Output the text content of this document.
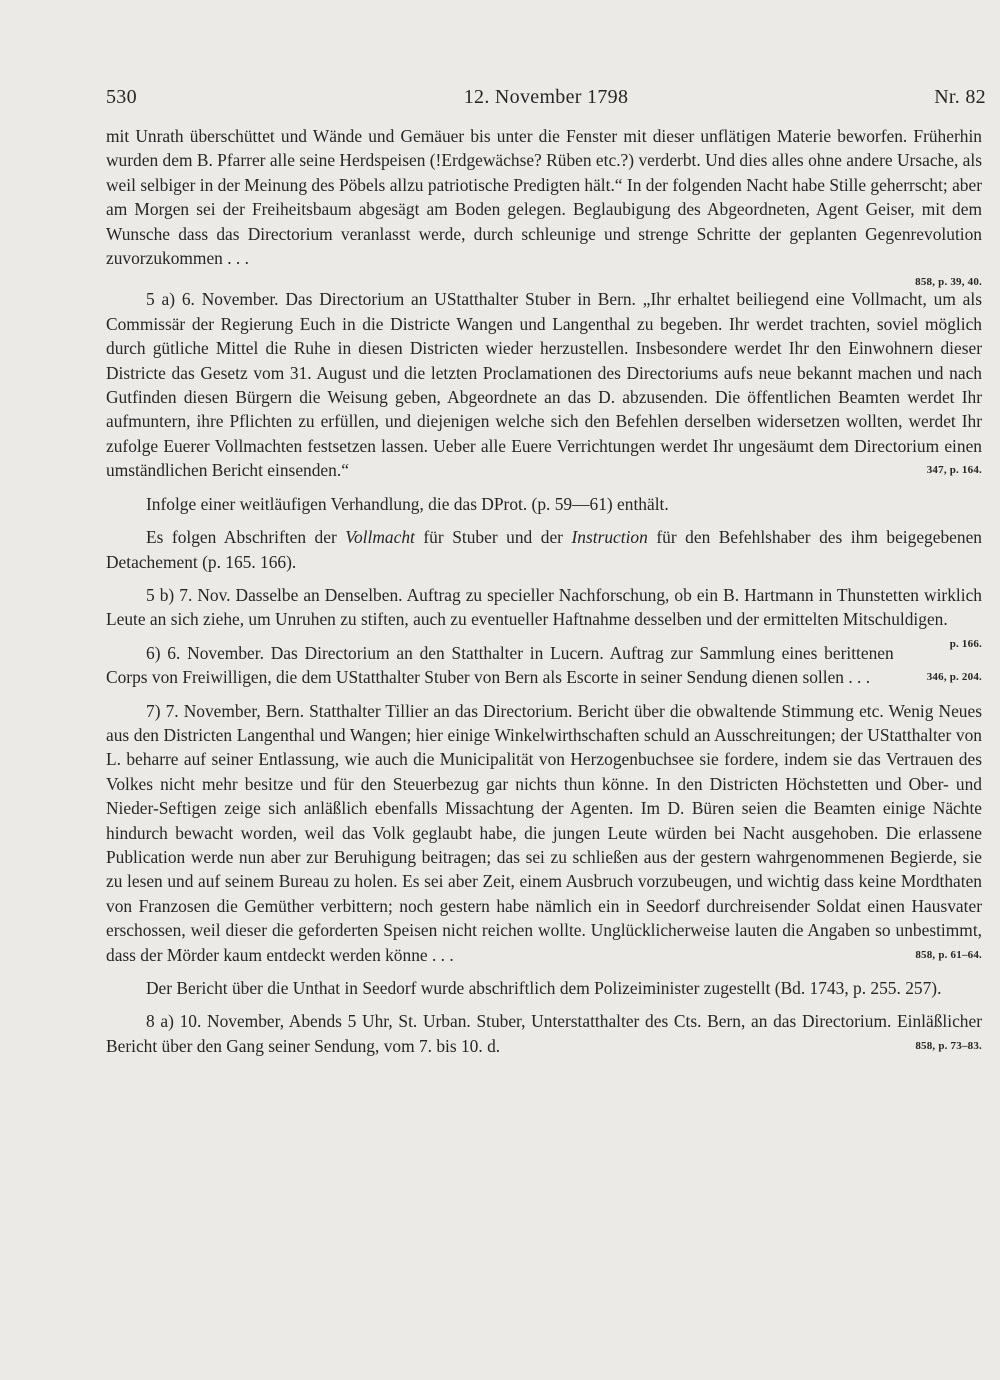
530	12. November 1798	Nr. 82

mit Unrath überschüttet und Wände und Gemäuer bis unter die Fenster mit dieser unflätigen Materie beworfen. Früherhin wurden dem B. Pfarrer alle seine Herdspeisen (!Erdgewächse? Rüben etc.?) verderbt. Und dies alles ohne andere Ursache, als weil selbiger in der Meinung des Pöbels allzu patriotische Predigten hält.“ In der folgenden Nacht habe Stille geherrscht; aber am Morgen sei der Freiheitsbaum abgesägt am Boden gelegen. Beglaubigung des Abgeordneten, Agent Geiser, mit dem Wunsche dass das Directorium veranlasst werde, durch schleunige und strenge Schritte der geplanten Gegenrevolution zuvorzukommen . . .

858, p. 39, 40.

5 a) 6. November. Das Directorium an UStatthalter Stuber in Bern. „Ihr erhaltet beiliegend eine Vollmacht, um als Commissär der Regierung Euch in die Districte Wangen und Langenthal zu begeben. Ihr werdet trachten, soviel möglich durch gütliche Mittel die Ruhe in diesen Districten wieder herzustellen. Insbesondere werdet Ihr den Einwohnern dieser Districte das Gesetz vom 31. August und die letzten Proclamationen des Directoriums aufs neue bekannt machen und nach Gutfinden diesen Bürgern die Weisung geben, Abgeordnete an das D. abzusenden. Die öffentlichen Beamten werdet Ihr aufmuntern, ihre Pflichten zu erfüllen, und diejenigen welche sich den Befehlen derselben widersetzen wollten, werdet Ihr zufolge Euerer Vollmachten festsetzen lassen. Ueber alle Euere Verrichtungen werdet Ihr ungesäumt dem Directorium einen umständlichen Bericht einsenden.“	347, p. 164.

Infolge einer weitläufigen Verhandlung, die das DProt. (p. 59—61) enthält.

Es folgen Abschriften der Vollmacht für Stuber und der Instruction für den Befehlshaber des ihm beigegebenen Detachement (p. 165. 166).

5 b) 7. Nov. Dasselbe an Denselben. Auftrag zu specieller Nachforschung, ob ein B. Hartmann in Thunstetten wirklich Leute an sich ziehe, um Unruhen zu stiften, auch zu eventueller Haftnahme desselben und der ermittelten Mitschuldigen.
p. 166.

6) 6. November. Das Directorium an den Statthalter in Lucern. Auftrag zur Sammlung eines berittenen Corps von Freiwilligen, die dem UStatthalter Stuber von Bern als Escorte in seiner Sendung dienen sollen . . .	346, p. 204.

7) 7. November, Bern. Statthalter Tillier an das Directorium. Bericht über die obwaltende Stimmung etc. Wenig Neues aus den Districten Langenthal und Wangen; hier einige Winkelwirthschaften schuld an Ausschreitungen; der UStatthalter von L. beharre auf seiner Entlassung, wie auch die Municipalität von Herzogenbuchsee sie fordere, indem sie das Vertrauen des Volkes nicht mehr besitze und für den Steuerbezug gar nichts thun könne. In den Districten Höchstetten und Ober- und Nieder-Seftigen zeige sich anläßlich ebenfalls Missachtung der Agenten. Im D. Büren seien die Beamten einige Nächte hindurch bewacht worden, weil das Volk geglaubt habe, die jungen Leute würden bei Nacht ausgehoben. Die erlassene Publication werde nun aber zur Beruhigung beitragen; das sei zu schließen aus der gestern wahrgenommenen Begierde, sie zu lesen und auf seinem Bureau zu holen. Es sei aber Zeit, einem Ausbruch vorzubeugen, und wichtig dass keine Mordthaten von Franzosen die Gemüther verbittern; noch gestern habe nämlich ein in Seedorf durchreisender Soldat einen Hausvater erschossen, weil dieser die geforderten Speisen nicht reichen wollte. Unglücklicherweise lauten die Angaben so unbestimmt, dass der Mörder kaum entdeckt werden könne . . .	858, p. 61–64.

Der Bericht über die Unthat in Seedorf wurde abschriftlich dem Polizeiminister zugestellt (Bd. 1743, p. 255. 257).

8 a) 10. November, Abends 5 Uhr, St. Urban. Stuber, Unterstatthalter des Cts. Bern, an das Directorium. Einläßlicher Bericht über den Gang seiner Sendung, vom 7. bis 10. d.	858, p. 73–83.
